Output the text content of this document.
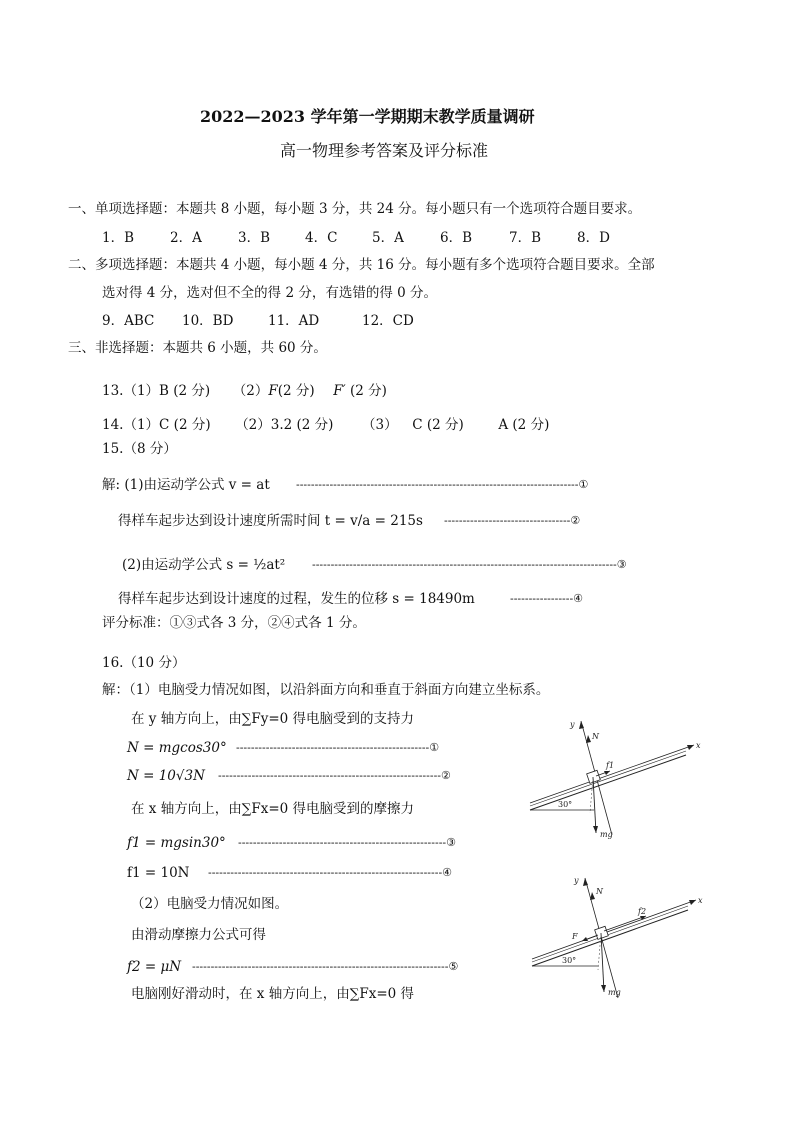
2022—2023 学年第一学期期末教学质量调研
高一物理参考答案及评分标准
一、单项选择题：本题共 8 小题，每小题 3 分，共 24 分。每小题只有一个选项符合题目要求。
1．B	2．A	3．B	4．C	5．A	6．B	7．B	8．D
二、多项选择题：本题共 4 小题，每小题 4 分，共 16 分。每小题有多个选项符合题目要求。全部
选对得 4 分，选对但不全的得 2 分，有选错的得 0 分。
9．ABC 10．BD	11．AD	12．CD
三、非选择题：本题共 6 小题，共 60 分。
13.（1）B (2 分) （2）F(2 分) F′ (2 分)
14.（1）C (2 分) （2）3.2 (2 分) （3） C (2 分)	A (2 分)
15.（8 分）
解: (1)由运动学公式 v = at ----------------------------------------------------------------------------①
得样车起步达到设计速度所需时间 t = v/a = 215s ----------------------------------②
(2)由运动学公式 s = ½at² ----------------------------------------------------------------------------------③
得样车起步达到设计速度的过程，发生的位移 s = 18490m	-----------------④
评分标准：①③式各 3 分，②④式各 1 分。
16.（10 分）
解：（1）电脑受力情况如图，以沿斜面方向和垂直于斜面方向建立坐标系。
在 y 轴方向上，由∑Fy=0 得电脑受到的支持力
N = mgcos30° ----------------------------------------------------①
N = 10√3N ------------------------------------------------------------②
在 x 轴方向上，由∑Fx=0 得电脑受到的摩擦力
f1 = mgsin30° --------------------------------------------------------③
f1 = 10N ---------------------------------------------------------------④
（2）电脑受力情况如图。
由滑动摩擦力公式可得
f2 = μN ---------------------------------------------------------------------⑤
电脑刚好滑动时，在 x 轴方向上，由∑Fx=0 得
x
y
N
f1
mg
30°
x
y
N
f2
F
mg
30°
